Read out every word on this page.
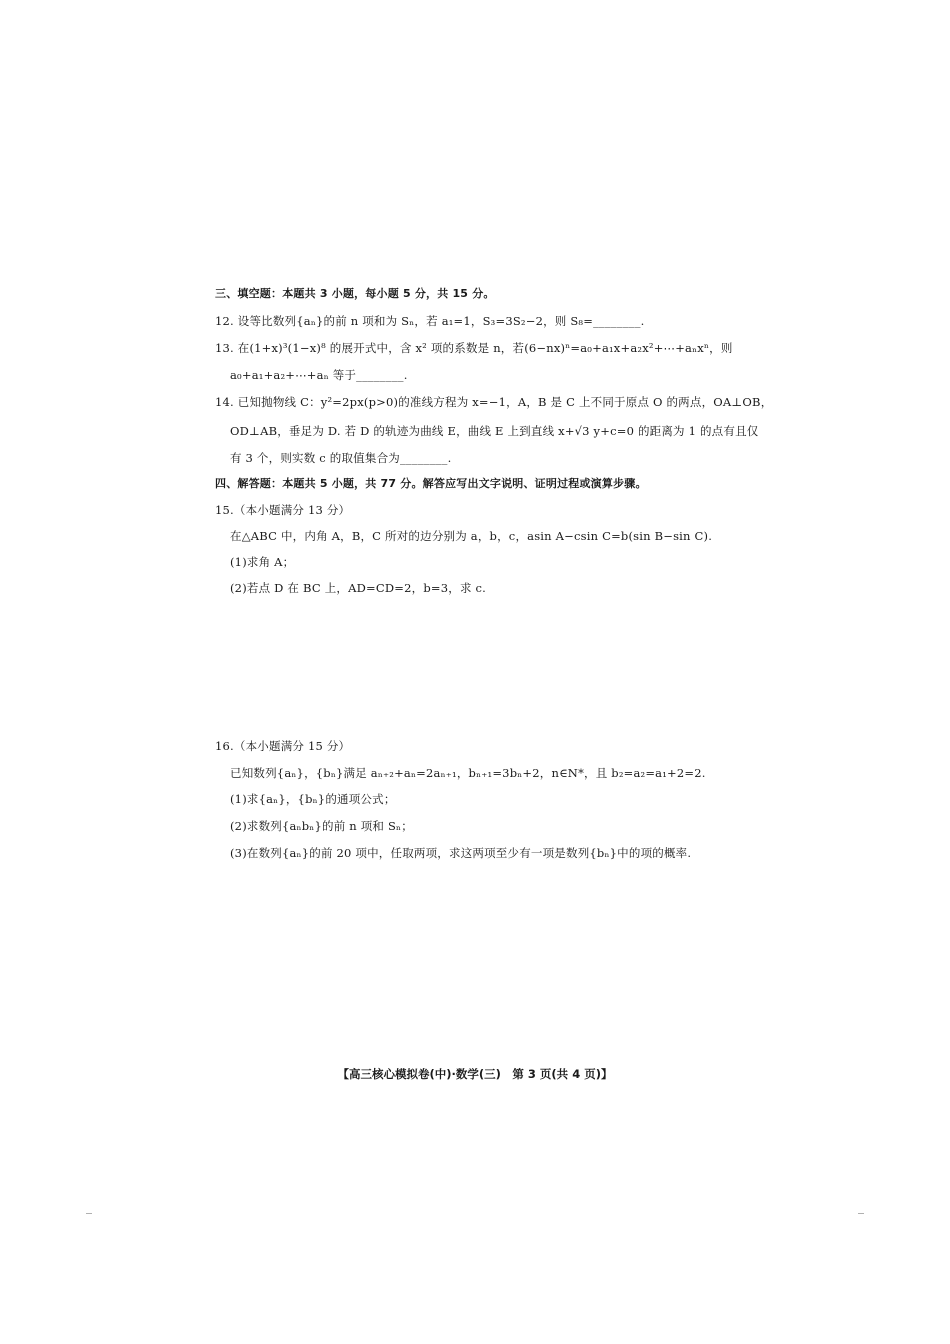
三、填空题：本题共 3 小题，每小题 5 分，共 15 分。
12. 设等比数列{aₙ}的前 n 项和为 Sₙ，若 a₁=1，S₃=3S₂−2，则 S₈=________.
13. 在(1+x)³(1−x)⁸ 的展开式中，含 x² 项的系数是 n，若(6−nx)ⁿ=a₀+a₁x+a₂x²+⋯+aₙxⁿ，则
a₀+a₁+a₂+⋯+aₙ 等于________.
14. 已知抛物线 C：y²=2px(p>0)的准线方程为 x=−1，A，B 是 C 上不同于原点 O 的两点，OA⊥OB，
OD⊥AB，垂足为 D. 若 D 的轨迹为曲线 E，曲线 E 上到直线 x+√3 y+c=0 的距离为 1 的点有且仅
有 3 个，则实数 c 的取值集合为________.
四、解答题：本题共 5 小题，共 77 分。解答应写出文字说明、证明过程或演算步骤。
15.（本小题满分 13 分）
在△ABC 中，内角 A，B，C 所对的边分别为 a，b，c，asin A−csin C=b(sin B−sin C).
(1)求角 A；
(2)若点 D 在 BC 上，AD=CD=2，b=3，求 c.
16.（本小题满分 15 分）
已知数列{aₙ}，{bₙ}满足 aₙ₊₂+aₙ=2aₙ₊₁，bₙ₊₁=3bₙ+2，n∈N*，且 b₂=a₂=a₁+2=2.
(1)求{aₙ}，{bₙ}的通项公式；
(2)求数列{aₙbₙ}的前 n 项和 Sₙ；
(3)在数列{aₙ}的前 20 项中，任取两项，求这两项至少有一项是数列{bₙ}中的项的概率.
【高三核心模拟卷(中)·数学(三)　第 3 页(共 4 页)】
